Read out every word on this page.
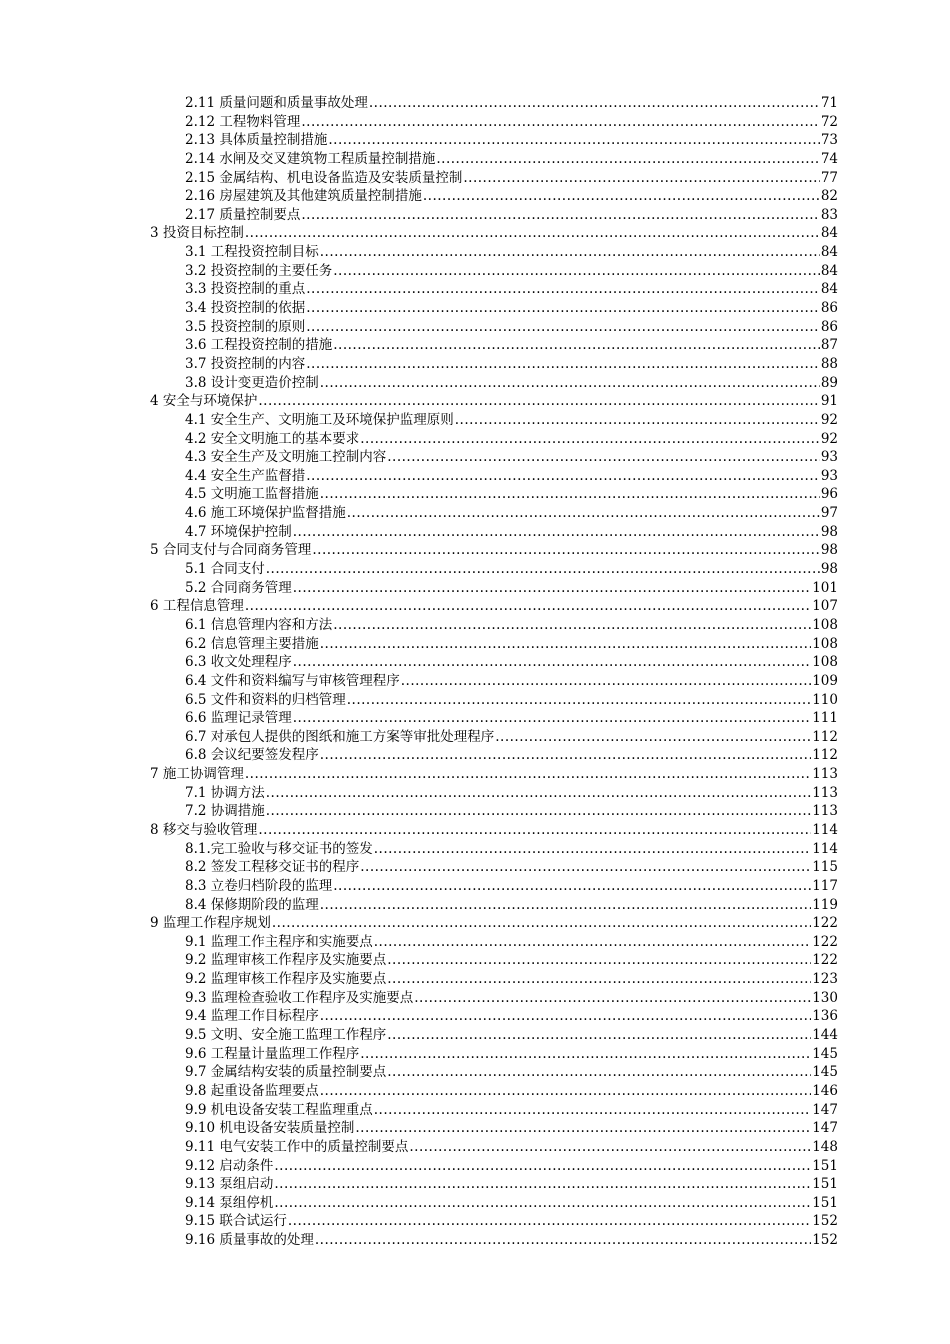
2.11 质量问题和质量事故处理 .....	71
2.12 工程物料管理 .....	72
2.13 具体质量控制措施 .....	73
2.14 水闸及交叉建筑物工程质量控制措施 .....	74
2.15 金属结构、机电设备监造及安装质量控制 .....	77
2.16 房屋建筑及其他建筑质量控制措施 .....	82
2.17 质量控制要点 .....	83
3 投资目标控制 .....	84
3.1 工程投资控制目标 .....	84
3.2 投资控制的主要任务 .....	84
3.3 投资控制的重点 .....	84
3.4 投资控制的依据 .....	86
3.5 投资控制的原则 .....	86
3.6 工程投资控制的措施 .....	87
3.7 投资控制的内容 .....	88
3.8 设计变更造价控制 .....	89
4 安全与环境保护 .....	91
4.1 安全生产、文明施工及环境保护监理原则 .....	92
4.2 安全文明施工的基本要求 .....	92
4.3 安全生产及文明施工控制内容 .....	93
4.4 安全生产监督措 .....	93
4.5 文明施工监督措施 .....	96
4.6 施工环境保护监督措施 .....	97
4.7 环境保护控制 .....	98
5 合同支付与合同商务管理 .....	98
5.1 合同支付 .....	98
5.2 合同商务管理 .....	101
6 工程信息管理 .....	107
6.1 信息管理内容和方法 .....	108
6.2 信息管理主要措施 .....	108
6.3 收文处理程序 .....	108
6.4 文件和资料编写与审核管理程序 .....	109
6.5 文件和资料的归档管理 .....	110
6.6 监理记录管理 .....	111
6.7 对承包人提供的图纸和施工方案等审批处理程序 .....	112
6.8 会议纪要签发程序 .....	112
7 施工协调管理 .....	113
7.1 协调方法 .....	113
7.2 协调措施 .....	113
8 移交与验收管理 .....	114
8.1.完工验收与移交证书的签发 .....	114
8.2 签发工程移交证书的程序 .....	115
8.3 立卷归档阶段的监理 .....	117
8.4 保修期阶段的监理 .....	119
9 监理工作程序规划 .....	122
9.1 监理工作主程序和实施要点 .....	122
9.2 监理审核工作程序及实施要点 .....	122
9.2 监理审核工作程序及实施要点 .....	123
9.3 监理检查验收工作程序及实施要点 .....	130
9.4 监理工作目标程序 .....	136
9.5 文明、安全施工监理工作程序 .....	144
9.6 工程量计量监理工作程序 .....	145
9.7 金属结构安装的质量控制要点 .....	145
9.8 起重设备监理要点 .....	146
9.9 机电设备安装工程监理重点 .....	147
9.10 机电设备安装质量控制 .....	147
9.11 电气安装工作中的质量控制要点 .....	148
9.12 启动条件 .....	151
9.13 泵组启动 .....	151
9.14 泵组停机 .....	151
9.15 联合试运行 .....	152
9.16 质量事故的处理 .....	152
